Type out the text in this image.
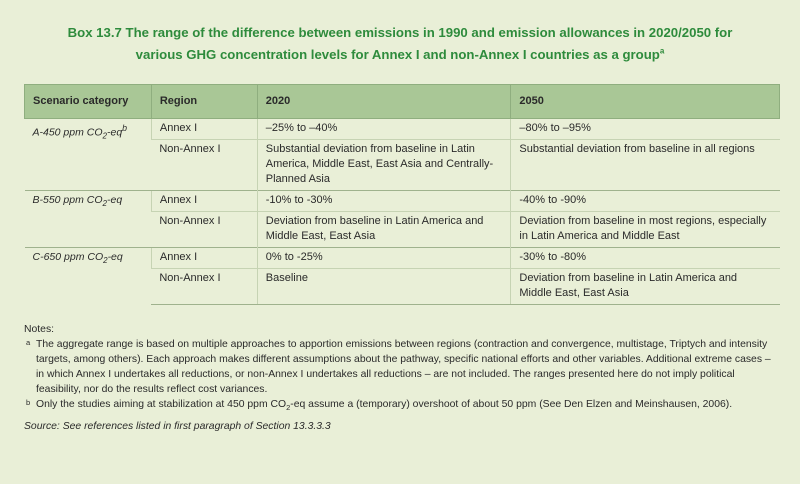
Box 13.7 The range of the difference between emissions in 1990 and emission allowances in 2020/2050 for
various GHG concentration levels for Annex I and non-Annex I countries as a group$^a$
Scenario category	Region	2020	2050
A-450 ppm $CO_2-eq^b$	Annex I	–25% to –40%	–80% to –95%
	Non-Annex I	Substantial deviation from baseline in Latin America, Middle East, East Asia and Centrally-Planned Asia	Substantial deviation from baseline in all regions
B-550 ppm $CO_2-eq$	Annex I	-10% to -30%	-40% to -90%
	Non-Annex I	Deviation from baseline in Latin America and Middle East, East Asia	Deviation from baseline in most regions, especially in Latin America and Middle East
C-650 ppm $CO_2-eq$	Annex I	0% to -25%	-30% to -80%
	Non-Annex I	Baseline	Deviation from baseline in Latin America and Middle East, East Asia
Notes:
a The aggregate range is based on multiple approaches to apportion emissions between regions (contraction and convergence, multistage, Triptych and intensity targets, among others). Each approach makes different assumptions about the pathway, specific national efforts and other variables. Additional extreme cases – in which Annex I undertakes all reductions, or non-Annex I undertakes all reductions – are not included. The ranges presented here do not imply political feasibility, nor do the results reflect cost variances.
b Only the studies aiming at stabilization at 450 ppm $CO_2-eq$ assume a (temporary) overshoot of about 50 ppm (See Den Elzen and Meinshausen, 2006).
Source: See references listed in first paragraph of Section 13.3.3.3
